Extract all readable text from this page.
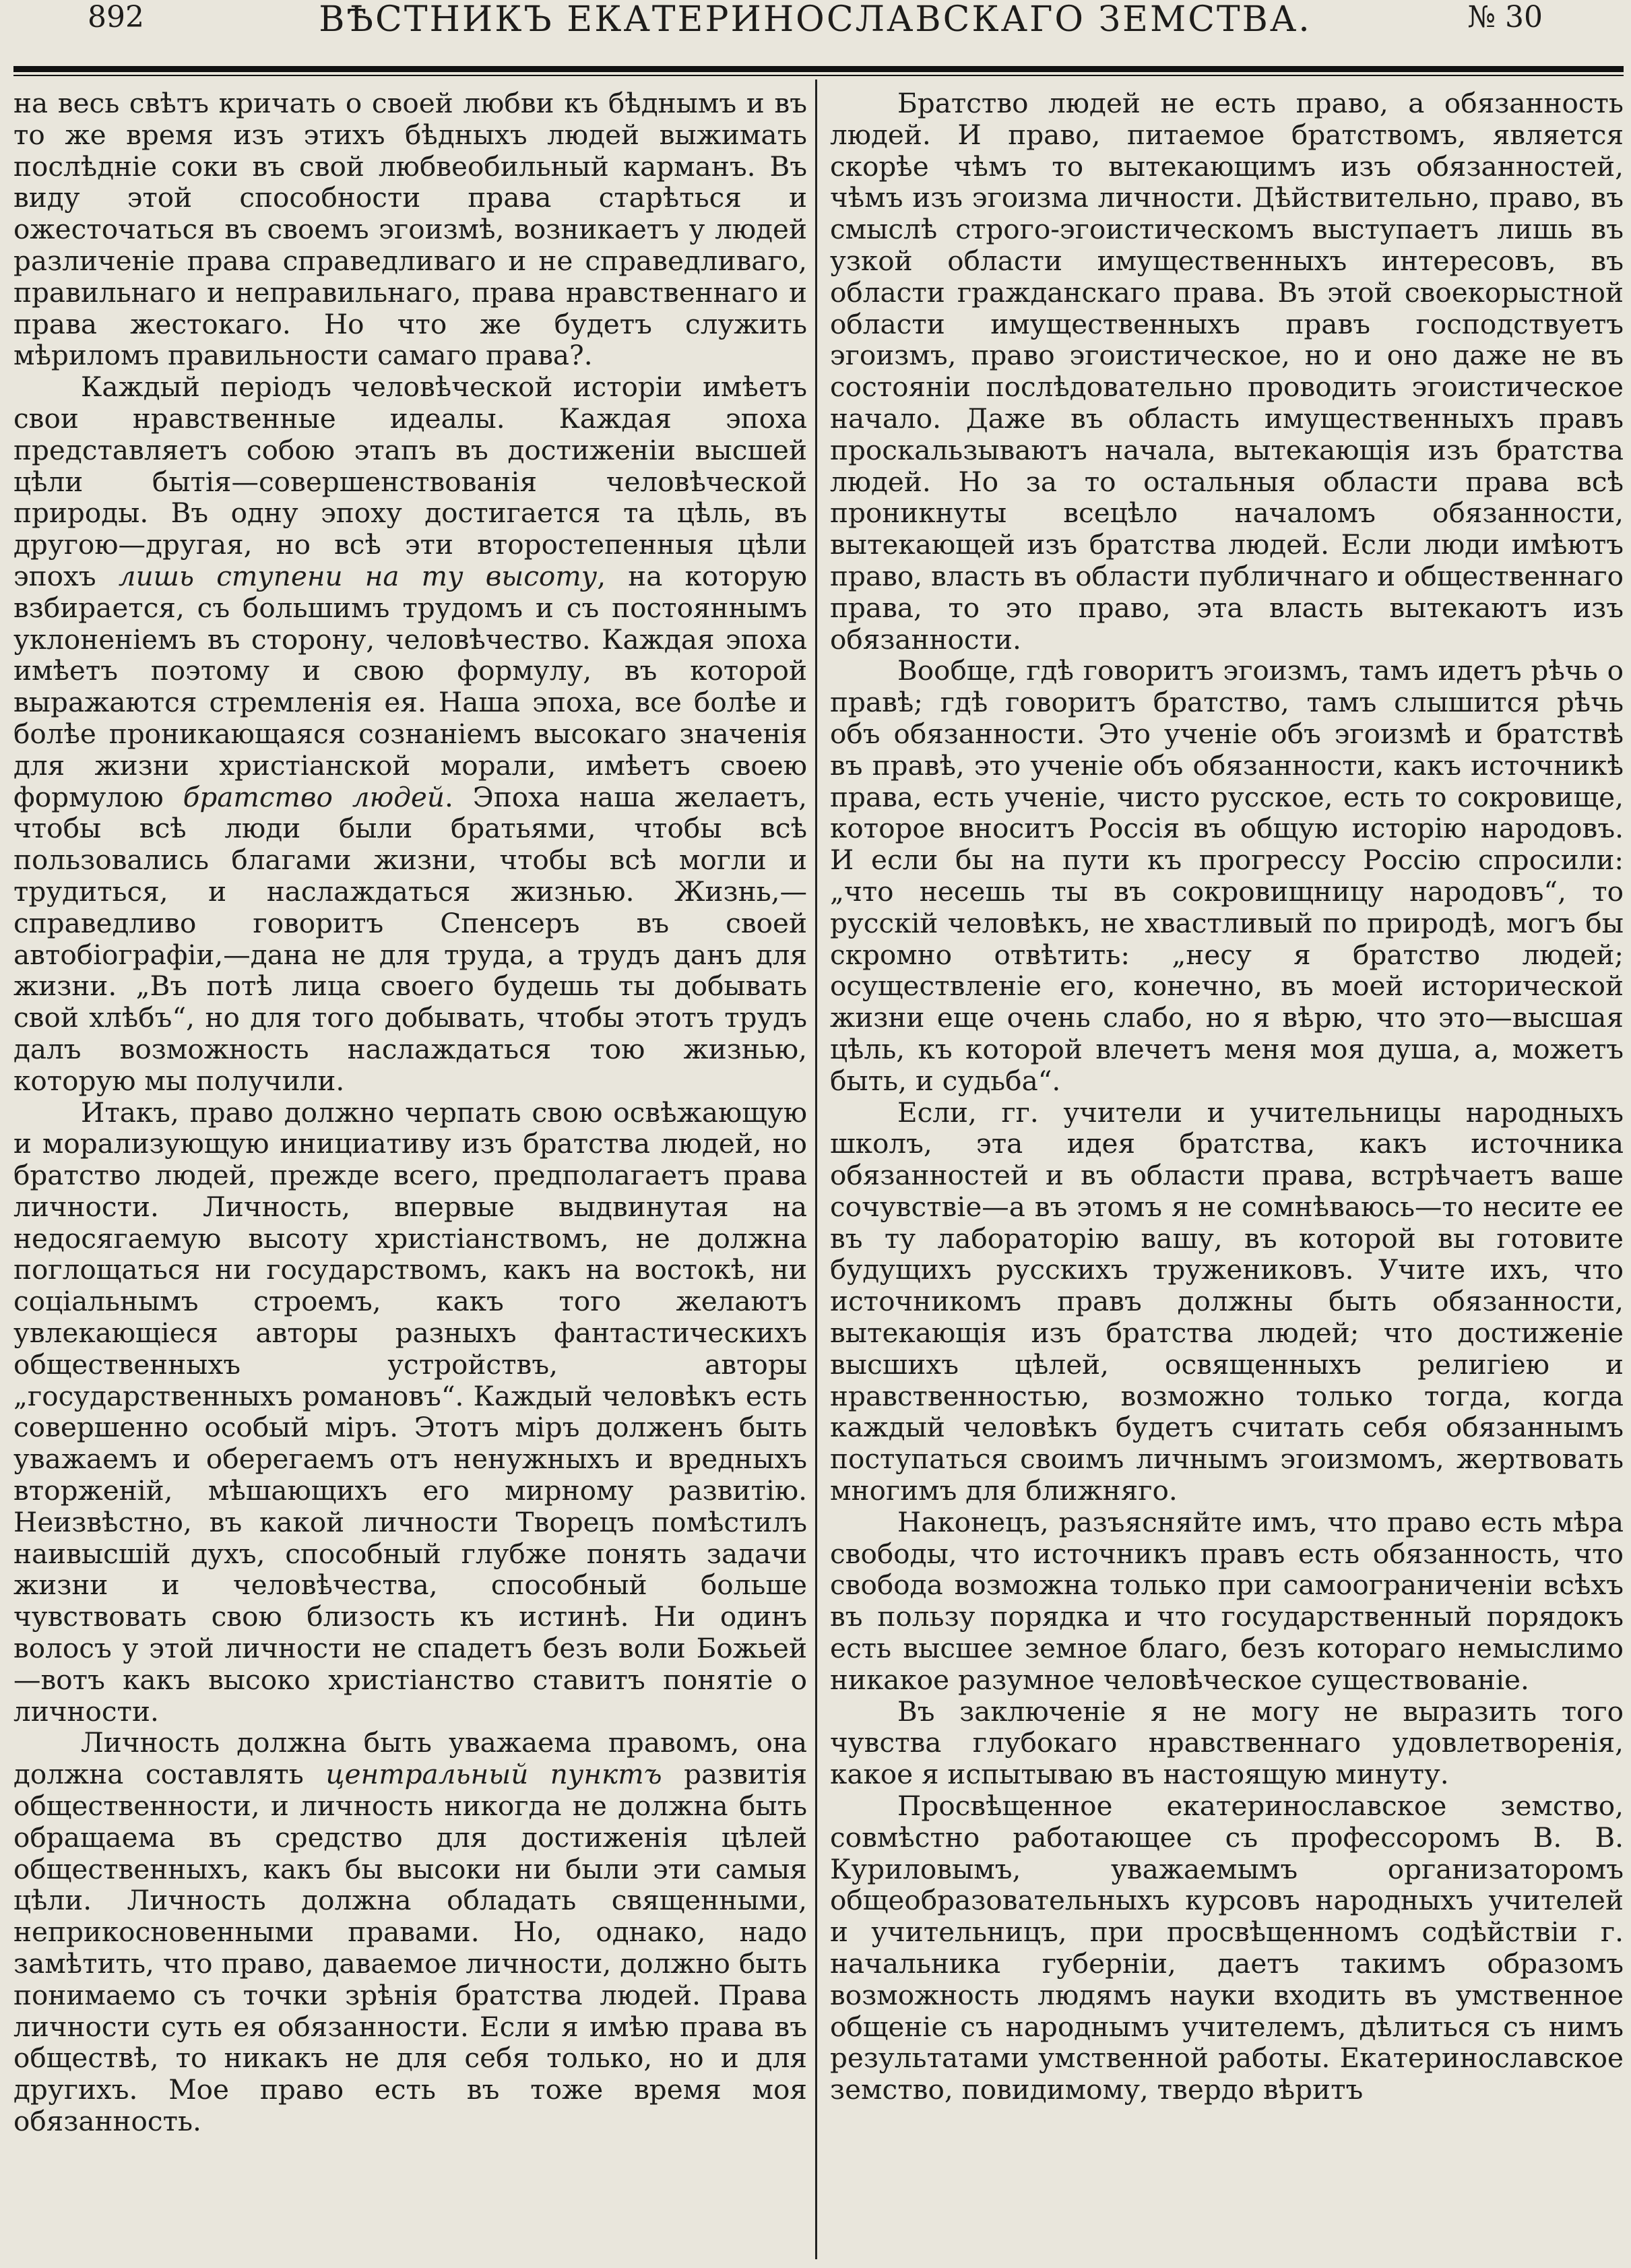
892	ВѢСТНИКЪ ЕКАТЕРИНОСЛАВСКАГО ЗЕМСТВА.	№ 30

на весь свѣтъ кричать о своей любви къ бѣднымъ и въ то же время изъ этихъ бѣдныхъ людей выжимать послѣднiе соки въ свой любвеобильный карманъ. Въ виду этой способности права старѣться и ожесточаться въ своемъ эгоизмѣ, возникаетъ у людей различенiе права справедливаго и не справедливаго, правильнаго и неправильнаго, права нравственнаго и права жестокаго. Но что же будетъ служить мѣриломъ правильности самаго права?.

Каждый перiодъ человѣческой исторiи имѣетъ свои нравственные идеалы. Каждая эпоха представляетъ собою этапъ въ достиженiи высшей цѣли бытiя—совершенствованiя человѣческой природы. Въ одну эпоху достигается та цѣль, въ другою—другая, но всѣ эти второстепенныя цѣли эпохъ лишь ступени на ту высоту, на которую взбирается, съ большимъ трудомъ и съ постояннымъ уклоненiемъ въ сторону, человѣчество. Каждая эпоха имѣетъ поэтому и свою формулу, въ которой выражаются стремленiя ея. Наша эпоха, все болѣе и болѣе проникающаяся сознанiемъ высокаго значенiя для жизни христiанской морали, имѣетъ своею формулою братство людей. Эпоха наша желаетъ, чтобы всѣ люди были братьями, чтобы всѣ пользовались благами жизни, чтобы всѣ могли и трудиться, и наслаждаться жизнью. Жизнь,—справедливо говоритъ Спенсеръ въ своей автобiографiи,—дана не для труда, а трудъ данъ для жизни. „Въ потѣ лица своего будешь ты добывать свой хлѣбъ“, но для того добывать, чтобы этотъ трудъ далъ возможность наслаждаться тою жизнью, которую мы получили.

Итакъ, право должно черпать свою освѣжающую и морализующую инициативу изъ братства людей, но братство людей, прежде всего, предполагаетъ права личности. Личность, впервые выдвинутая на недосягаемую высоту христiанствомъ, не должна поглощаться ни государствомъ, какъ на востокѣ, ни соцiальнымъ строемъ, какъ того желаютъ увлекающiеся авторы разныхъ фантастическихъ общественныхъ устройствъ, авторы „государственныхъ романовъ“. Каждый человѣкъ есть совершенно особый мiръ. Этотъ мiръ долженъ быть уважаемъ и оберегаемъ отъ ненужныхъ и вредныхъ вторженiй, мѣшающихъ его мирному развитiю. Неизвѣстно, въ какой личности Творецъ помѣстилъ наивысшiй духъ, способный глубже понять задачи жизни и человѣчества, способный больше чувствовать свою близость къ истинѣ. Ни одинъ волосъ у этой личности не спадетъ безъ воли Божьей—вотъ какъ высоко христiанство ставитъ понятiе о личности.

Личность должна быть уважаема правомъ, она должна составлять центральный пунктъ развитiя общественности, и личность никогда не должна быть обращаема въ средство для достиженiя цѣлей общественныхъ, какъ бы высоки ни были эти самыя цѣли. Личность должна обладать священными, неприкосновенными правами. Но, однако, надо замѣтить, что право, даваемое личности, должно быть понимаемо съ точки зрѣнiя братства людей. Права личности суть ея обязанности. Если я имѣю права въ обществѣ, то никакъ не для себя только, но и для другихъ. Мое право есть въ тоже время моя обязанность.

Братство людей не есть право, а обязанность людей. И право, питаемое братствомъ, является скорѣе чѣмъ то вытекающимъ изъ обязанностей, чѣмъ изъ эгоизма личности. Дѣйствительно, право, въ смыслѣ строго-эгоистическомъ выступаетъ лишь въ узкой области имущественныхъ интересовъ, въ области гражданскаго права. Въ этой своекорыстной области имущественныхъ правъ господствуетъ эгоизмъ, право эгоистическое, но и оно даже не въ состоянiи послѣдовательно проводить эгоистическое начало. Даже въ область имущественныхъ правъ проскальзываютъ начала, вытекающiя изъ братства людей. Но за то остальныя области права всѣ проникнуты всецѣло началомъ обязанности, вытекающей изъ братства людей. Если люди имѣютъ право, власть въ области публичнаго и общественнаго права, то это право, эта власть вытекаютъ изъ обязанности.

Вообще, гдѣ говоритъ эгоизмъ, тамъ идетъ рѣчь о правѣ; гдѣ говоритъ братство, тамъ слышится рѣчь объ обязанности. Это ученiе объ эгоизмѣ и братствѣ въ правѣ, это ученiе объ обязанности, какъ источникѣ права, есть ученiе, чисто русское, есть то сокровище, которое вноситъ Россiя въ общую исторiю народовъ. И если бы на пути къ прогрессу Россiю спросили: „что несешь ты въ сокровищницу народовъ“, то русскiй человѣкъ, не хвастливый по природѣ, могъ бы скромно отвѣтить: „несу я братство людей; осуществленiе его, конечно, въ моей исторической жизни еще очень слабо, но я вѣрю, что это—высшая цѣль, къ которой влечетъ меня моя душа, а, можетъ быть, и судьба“.

Если, гг. учители и учительницы народныхъ школъ, эта идея братства, какъ источника обязанностей и въ области права, встрѣчаетъ ваше сочувствiе—а въ этомъ я не сомнѣваюсь—то несите ее въ ту лабораторiю вашу, въ которой вы готовите будущихъ русскихъ тружениковъ. Учите ихъ, что источникомъ правъ должны быть обязанности, вытекающiя изъ братства людей; что достиженiе высшихъ цѣлей, освященныхъ религiею и нравственностью, возможно только тогда, когда каждый человѣкъ будетъ считать себя обязаннымъ поступаться своимъ личнымъ эгоизмомъ, жертвовать многимъ для ближняго.

Наконецъ, разъясняйте имъ, что право есть мѣра свободы, что источникъ правъ есть обязанность, что свобода возможна только при самоограниченiи всѣхъ въ пользу порядка и что государственный порядокъ есть высшее земное благо, безъ котораго немыслимо никакое разумное человѣческое существованiе.

Въ заключенiе я не могу не выразить того чувства глубокаго нравственнаго удовлетворенiя, какое я испытываю въ настоящую минуту.

Просвѣщенное екатеринославское земство, совмѣстно работающее съ профессоромъ В. В. Куриловымъ, уважаемымъ организаторомъ общеобразовательныхъ курсовъ народныхъ учителей и учительницъ, при просвѣщенномъ содѣйствiи г. начальника губернiи, даетъ такимъ образомъ возможность людямъ науки входить въ умственное общенiе съ народнымъ учителемъ, дѣлиться съ нимъ результатами умственной работы. Екатеринославское земство, повидимому, твердо вѣритъ
